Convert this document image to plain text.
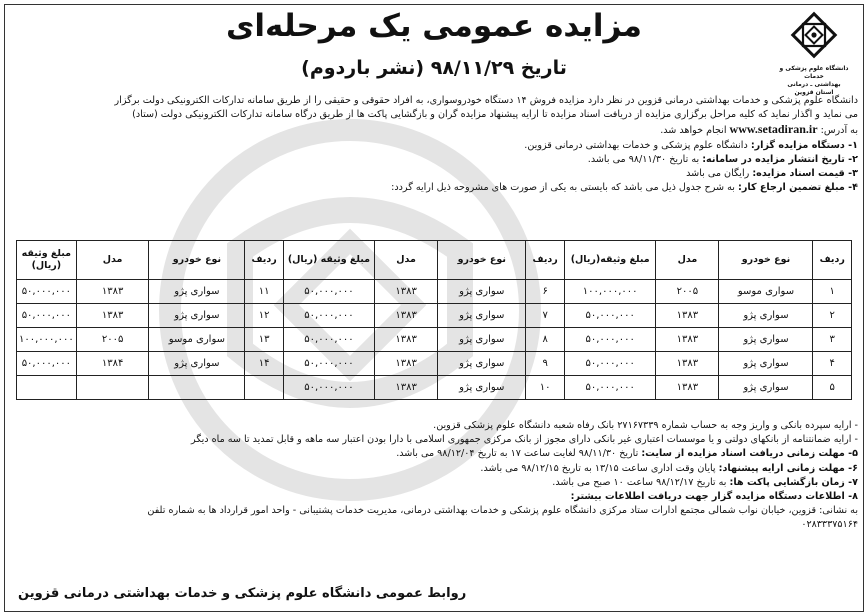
دانشگاه علوم پزشکی و خدمات
بهداشتی ـ درمانی
استان قزوین
مزایده عمومی یک مرحله‌ای
تاریخ ۹۸/۱۱/۲۹ (نشر باردوم)

دانشگاه علوم پزشکی و خدمات بهداشتی درمانی قزوین در نظر دارد مزایده فروش ۱۴ دستگاه خودروسواری، به افراد حقوقی و حقیقی را از طریق سامانه تدارکات الکترونیکی دولت برگزار

می نماید و اگذار نماید که کلیه مراحل برگزاری مزایده از دریافت اسناد مزایده تا ارایه پیشنهاد مزایده گران و بازگشایی پاکت ها از طریق درگاه سامانه تدارکات الکترونیکی دولت (ستاد)

به آدرس: www.setadiran.ir انجام خواهد شد.

۱- دستگاه مزایده گزار: دانشگاه علوم پزشکی و خدمات بهداشتی درمانی قزوین.

۲- تاریخ انتشار مزایده در سامانه: به تاریخ ۹۸/۱۱/۳۰ می باشد.

۳- قیمت اسناد مزایده: رایگان می باشد

۴- مبلغ تضمین ارجاع کار: به شرح جدول ذیل می باشد که بایستی به یکی از صورت های مشروحه ذیل ارایه گردد:

ردیف	نوع خودرو	مدل	مبلغ وثیقه(ریال)	ردیف	نوع خودرو	مدل	مبلغ وثیقه (ریال)	ردیف	نوع خودرو	مدل	مبلغ وثیقه (ریال)
۱	سواری موسو	۲۰۰۵	۱۰۰,۰۰۰,۰۰۰	۶	سواری پژو	۱۳۸۳	۵۰,۰۰۰,۰۰۰	۱۱	سواری پژو	۱۳۸۳	۵۰,۰۰۰,۰۰۰
۲	سواری پژو	۱۳۸۳	۵۰,۰۰۰,۰۰۰	۷	سواری پژو	۱۳۸۳	۵۰,۰۰۰,۰۰۰	۱۲	سواری پژو	۱۳۸۳	۵۰,۰۰۰,۰۰۰
۳	سواری پژو	۱۳۸۳	۵۰,۰۰۰,۰۰۰	۸	سواری پژو	۱۳۸۳	۵۰,۰۰۰,۰۰۰	۱۳	سواری موسو	۲۰۰۵	۱۰۰,۰۰۰,۰۰۰
۴	سواری پژو	۱۳۸۳	۵۰,۰۰۰,۰۰۰	۹	سواری پژو	۱۳۸۳	۵۰,۰۰۰,۰۰۰	۱۴	سواری پژو	۱۳۸۴	۵۰,۰۰۰,۰۰۰
۵	سواری پژو	۱۳۸۳	۵۰,۰۰۰,۰۰۰	۱۰	سواری پژو	۱۳۸۳	۵۰,۰۰۰,۰۰۰				

- ارایه سپرده بانکی و واریز وجه به حساب شماره ۲۷۱۶۷۳۳۹ بانک رفاه شعبه دانشگاه علوم پزشکی قزوین.

- ارایه ضمانتنامه از بانکهای دولتی و یا موسسات اعتباری غیر بانکی دارای مجوز از بانک مرکزی جمهوری اسلامی با دارا بودن اعتبار سه ماهه و قابل تمدید تا سه ماه دیگر

۵- مهلت زمانی دریافت اسناد مزایده از سایت: تاریخ ۹۸/۱۱/۳۰ لغایت ساعت ۱۷ به تاریخ ۹۸/۱۲/۰۴ می باشد.

۶- مهلت زمانی ارایه پیشنهاد: پایان وقت اداری ساعت ۱۳/۱۵ به تاریخ ۹۸/۱۲/۱۵ می باشد.

۷- زمان بازگشایی پاکت ها: به تاریخ ۹۸/۱۲/۱۷ ساعت ۱۰ صبح می باشد.

۸- اطلاعات دستگاه مزایده گزار جهت دریافت اطلاعات بیشتر:

به نشانی: قزوین، خیابان نواب شمالی مجتمع ادارات ستاد مرکزی دانشگاه علوم پزشکی و خدمات بهداشتی درمانی، مدیریت خدمات پشتیبانی - واحد امور قرارداد ها به شماره تلفن

۰۲۸۳۳۳۷۵۱۶۴

روابط عمومی دانشگاه علوم پزشکی و خدمات بهداشتی درمانی قزوین
